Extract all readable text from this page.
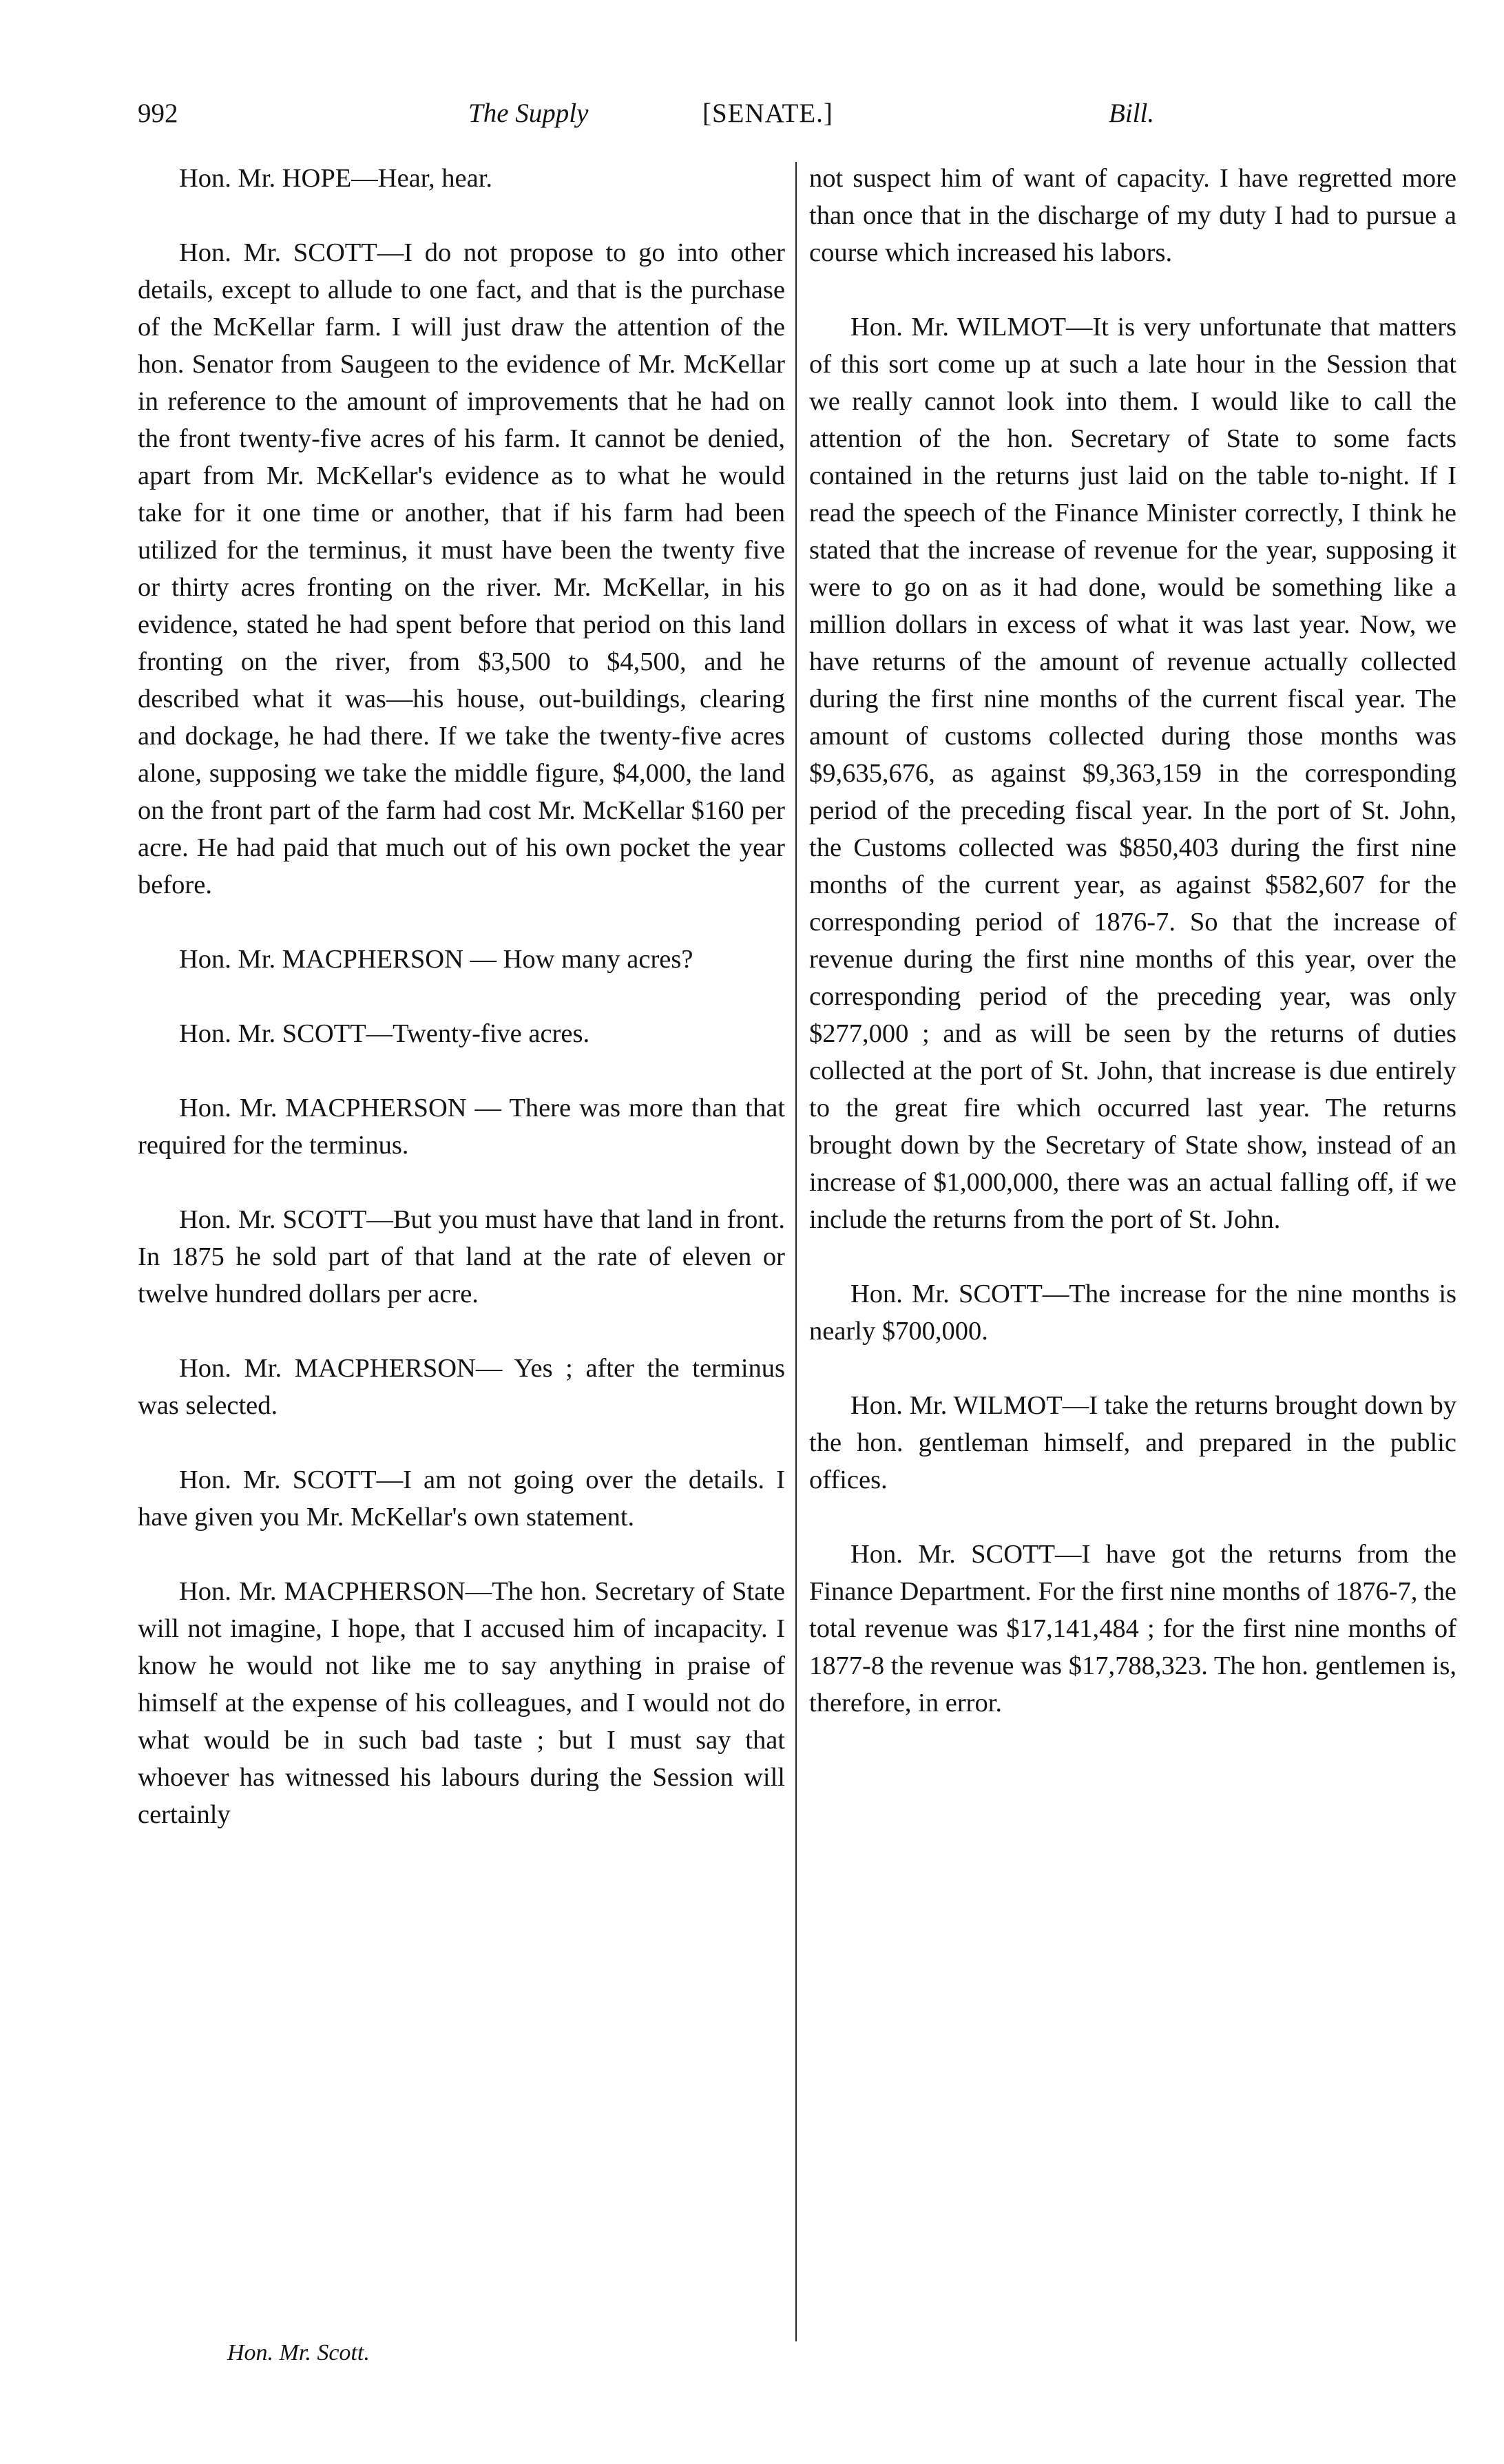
992	The Supply	[SENATE.]	Bill.

Hon. Mr. HOPE—Hear, hear.

Hon. Mr. SCOTT—I do not propose to go into other details, except to allude to one fact, and that is the purchase of the McKellar farm. I will just draw the attention of the hon. Senator from Saugeen to the evidence of Mr. McKellar in reference to the amount of improvements that he had on the front twenty-five acres of his farm. It cannot be denied, apart from Mr. McKellar's evidence as to what he would take for it one time or another, that if his farm had been utilized for the terminus, it must have been the twenty five or thirty acres fronting on the river. Mr. McKellar, in his evidence, stated he had spent before that period on this land fronting on the river, from $3,500 to $4,500, and he described what it was—his house, out-buildings, clearing and dockage, he had there. If we take the twenty-five acres alone, supposing we take the middle figure, $4,000, the land on the front part of the farm had cost Mr. McKellar $160 per acre. He had paid that much out of his own pocket the year before.

Hon. Mr. MACPHERSON — How many acres?

Hon. Mr. SCOTT—Twenty-five acres.

Hon. Mr. MACPHERSON — There was more than that required for the terminus.

Hon. Mr. SCOTT—But you must have that land in front. In 1875 he sold part of that land at the rate of eleven or twelve hundred dollars per acre.

Hon. Mr. MACPHERSON— Yes ; after the terminus was selected.

Hon. Mr. SCOTT—I am not going over the details. I have given you Mr. McKellar's own statement.

Hon. Mr. MACPHERSON—The hon. Secretary of State will not imagine, I hope, that I accused him of incapacity. I know he would not like me to say anything in praise of himself at the expense of his colleagues, and I would not do what would be in such bad taste ; but I must say that whoever has witnessed his labours during the Session will certainly

not suspect him of want of capacity. I have regretted more than once that in the discharge of my duty I had to pursue a course which increased his labors.

Hon. Mr. WILMOT—It is very unfortunate that matters of this sort come up at such a late hour in the Session that we really cannot look into them. I would like to call the attention of the hon. Secretary of State to some facts contained in the returns just laid on the table to-night. If I read the speech of the Finance Minister correctly, I think he stated that the increase of revenue for the year, supposing it were to go on as it had done, would be something like a million dollars in excess of what it was last year. Now, we have returns of the amount of revenue actually collected during the first nine months of the current fiscal year. The amount of customs collected during those months was $9,635,676, as against $9,363,159 in the corresponding period of the preceding fiscal year. In the port of St. John, the Customs collected was $850,403 during the first nine months of the current year, as against $582,607 for the corresponding period of 1876-7. So that the increase of revenue during the first nine months of this year, over the corresponding period of the preceding year, was only $277,000 ; and as will be seen by the returns of duties collected at the port of St. John, that increase is due entirely to the great fire which occurred last year. The returns brought down by the Secretary of State show, instead of an increase of $1,000,000, there was an actual falling off, if we include the returns from the port of St. John.

Hon. Mr. SCOTT—The increase for the nine months is nearly $700,000.

Hon. Mr. WILMOT—I take the returns brought down by the hon. gentleman himself, and prepared in the public offices.

Hon. Mr. SCOTT—I have got the returns from the Finance Department. For the first nine months of 1876-7, the total revenue was $17,141,484 ; for the first nine months of 1877-8 the revenue was $17,788,323. The hon. gentlemen is, therefore, in error.

Hon. Mr. Scott.
